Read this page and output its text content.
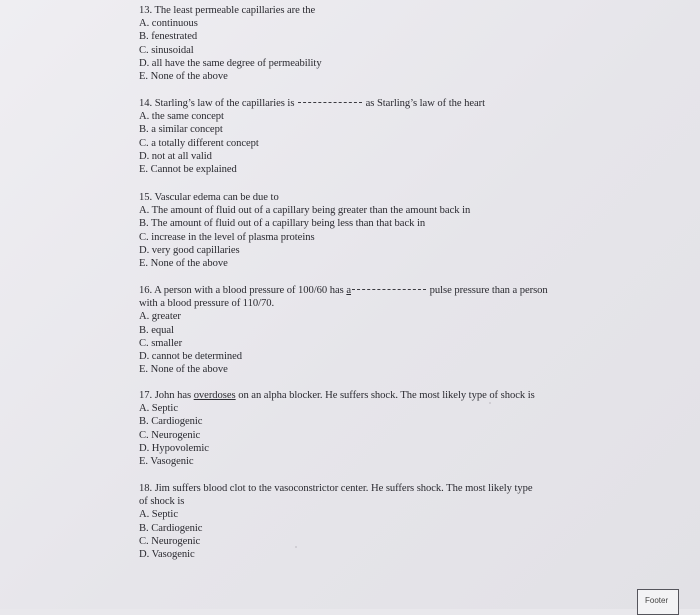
13. The least permeable capillaries are the
A. continuous
B. fenestrated
C. sinusoidal
D. all have the same degree of permeability
E. None of the above
14. Starling’s law of the capillaries is	as Starling’s law of the heart
A. the same concept
B. a similar concept
C. a totally different concept
D. not at all valid
E. Cannot be explained
15. Vascular edema can be due to
A. The amount of fluid out of a capillary being greater than the amount back in
B. The amount of fluid out of a capillary being less than that back in
C. increase in the level of plasma proteins
D. very good capillaries
E. None of the above
16. A person with a blood pressure of 100/60 has a	pulse pressure than a person
with a blood pressure of 110/70.
A. greater
B. equal
C. smaller
D. cannot be determined
E. None of the above
17. John has overdoses on an alpha blocker. He suffers shock. The most likely type of shock is
A. Septic
B. Cardiogenic
C. Neurogenic
D. Hypovolemic
E. Vasogenic
18. Jim suffers blood clot to the vasoconstrictor center. He suffers shock. The most likely type
of shock is
A. Septic
B. Cardiogenic
C. Neurogenic
D. Vasogenic
Footer
